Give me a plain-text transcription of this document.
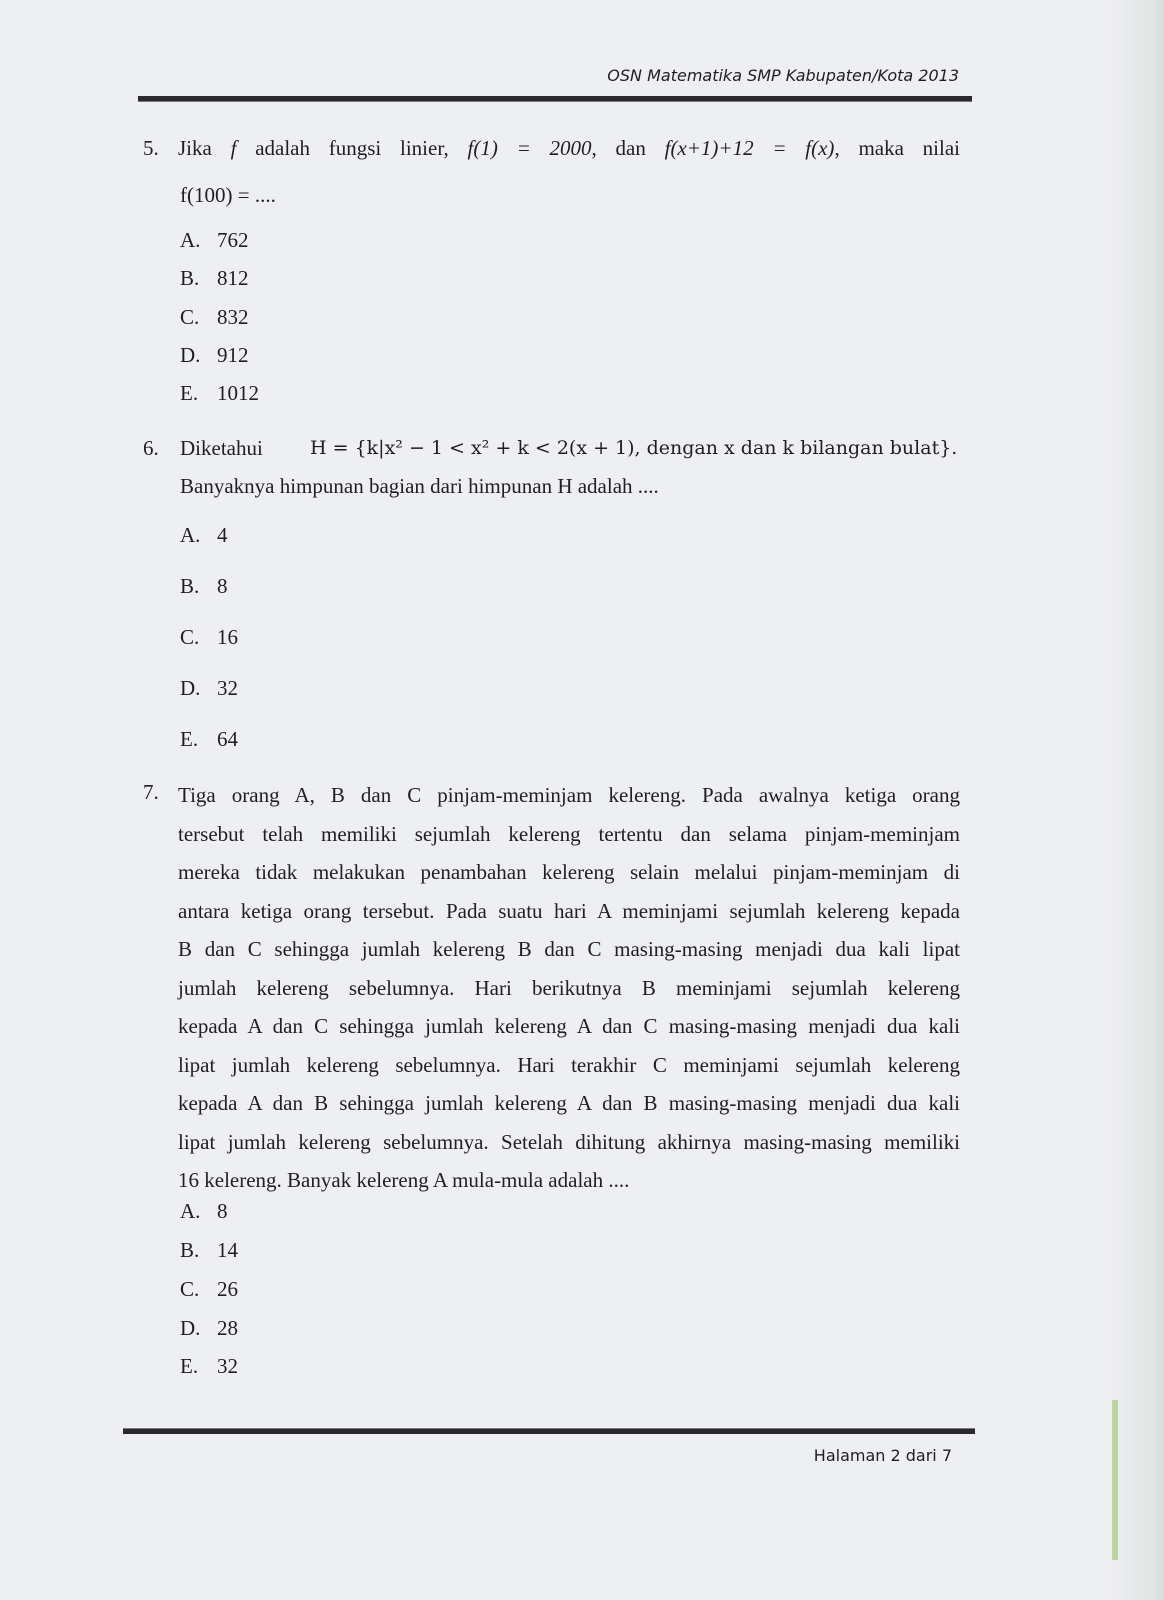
OSN Matematika SMP Kabupaten/Kota 2013
5. Jika f adalah fungsi linier, f(1) = 2000, dan f(x+1)+12 = f(x), maka nilai
f(100) = ....
A. 762
B. 812
C. 832
D. 912
E. 1012
6. Diketahui H = {k|x² − 1 < x² + k < 2(x + 1), dengan x dan k bilangan bulat}.
Banyaknya himpunan bagian dari himpunan H adalah ....
A. 4
B. 8
C. 16
D. 32
E. 64
7. Tiga orang A, B dan C pinjam-meminjam kelereng. Pada awalnya ketiga orang
tersebut telah memiliki sejumlah kelereng tertentu dan selama pinjam-meminjam
mereka tidak melakukan penambahan kelereng selain melalui pinjam-meminjam di
antara ketiga orang tersebut. Pada suatu hari A meminjami sejumlah kelereng kepada
B dan C sehingga jumlah kelereng B dan C masing-masing menjadi dua kali lipat
jumlah kelereng sebelumnya. Hari berikutnya B meminjami sejumlah kelereng
kepada A dan C sehingga jumlah kelereng A dan C masing-masing menjadi dua kali
lipat jumlah kelereng sebelumnya. Hari terakhir C meminjami sejumlah kelereng
kepada A dan B sehingga jumlah kelereng A dan B masing-masing menjadi dua kali
lipat jumlah kelereng sebelumnya. Setelah dihitung akhirnya masing-masing memiliki
16 kelereng. Banyak kelereng A mula-mula adalah ....
A. 8
B. 14
C. 26
D. 28
E. 32
Halaman 2 dari 7
